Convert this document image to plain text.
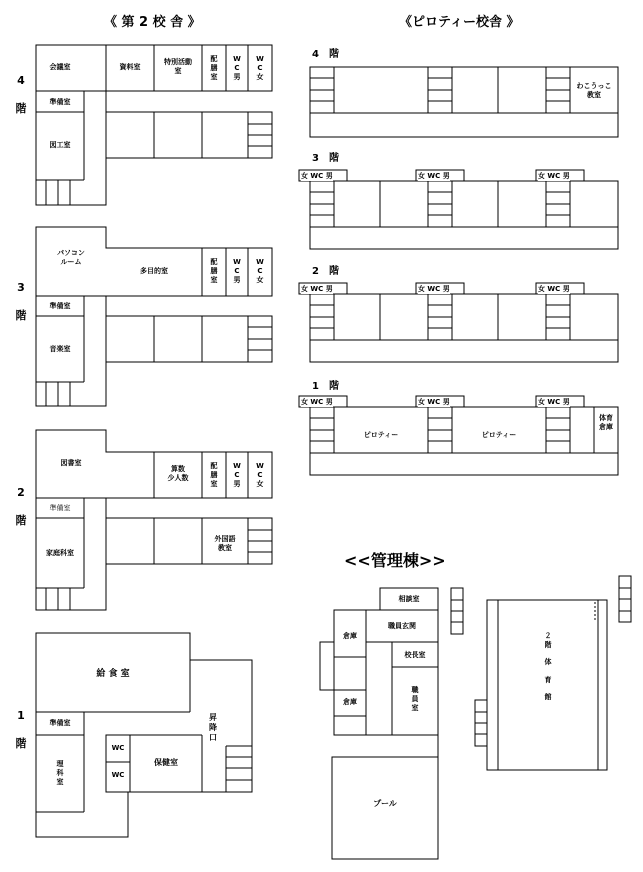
《 第 2 校 舎 》	《ピロティー校舎 》
<<管理棟>>
4

階
3

階
2

階
1

階
会議室	資料室
特別活動
室
配
膳
室
W
C
男
W
C
女
準備室
図工室
パソコン
ルーム
多目的室
配
膳
室
W
C
男
W
C
女
準備室
音楽室
図書室
算数
少人数
配
膳
室
W
C
男
W
C
女
準備室
家庭科室
外国語
教室
給 食 室
準備室
理
科
室
WC
WC
保健室
昇
降
口
4　階
3　階
2　階
1　階
わこうっこ
教室
女 WC 男	女 WC 男	女 WC 男
女 WC 男	女 WC 男	女 WC 男
女 WC 男	女 WC 男	女 WC 男
ピロティー	ピロティー
体育
倉庫
相談室
職員玄関
倉庫
校長室
倉庫
職
員
室
プール
２
階

体

育

館
